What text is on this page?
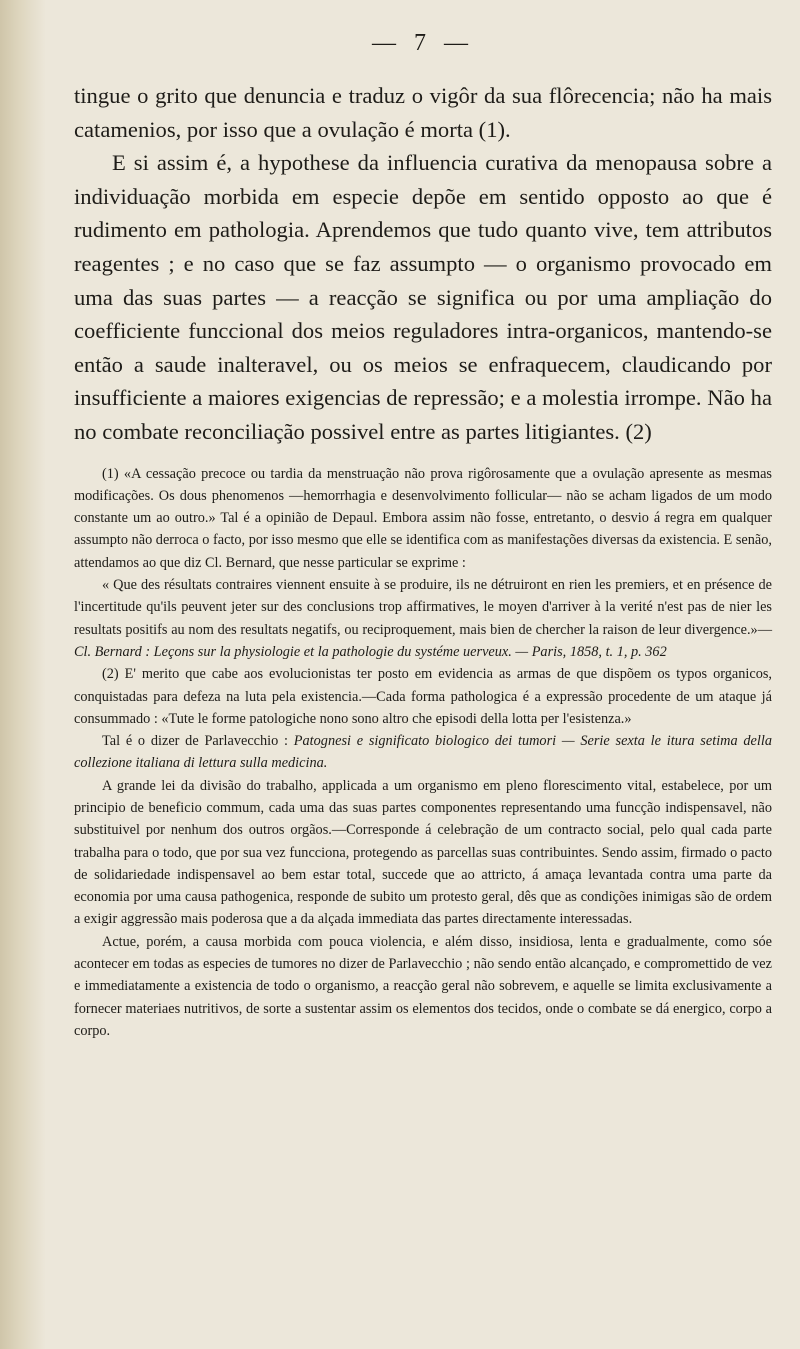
— 7 —

tingue o grito que denuncia e traduz o vigôr da sua flôrecencia; não ha mais catamenios, por isso que a ovulação é morta (1).

E si assim é, a hypothese da influencia curativa da menopausa sobre a individuação morbida em especie depõe em sentido opposto ao que é rudimento em pathologia. Aprendemos que tudo quanto vive, tem attributos reagentes ; e no caso que se faz assumpto — o organismo provocado em uma das suas partes — a reacção se significa ou por uma ampliação do coefficiente funccional dos meios reguladores intra-organicos, mantendo-se então a saude inalteravel, ou os meios se enfraquecem, claudicando por insufficiente a maiores exigencias de repressão; e a molestia irrompe. Não ha no combate reconciliação possivel entre as partes litigiantes. (2)

(1) «A cessação precoce ou tardia da menstruação não prova rigôrosamente que a ovulação apresente as mesmas modificações. Os dous phenomenos —hemorrhagia e desenvolvimento follicular— não se acham ligados de um modo constante um ao outro.» Tal é a opinião de Depaul. Embora assim não fosse, entretanto, o desvio á regra em qualquer assumpto não derroca o facto, por isso mesmo que elle se identifica com as manifestações diversas da existencia. E senão, attendamos ao que diz Cl. Bernard, que nesse particular se exprime :

« Que des résultats contraires viennent ensuite à se produire, ils ne détruiront en rien les premiers, et en présence de l'incertitude qu'ils peuvent jeter sur des conclusions trop affirmatives, le moyen d'arriver à la verité n'est pas de nier les resultats positifs au nom des resultats negatifs, ou reciproquement, mais bien de chercher la raison de leur divergence.»—Cl. Bernard : Leçons sur la physiologie et la pathologie du systéme uerveux. — Paris, 1858, t. 1, p. 362

(2) E' merito que cabe aos evolucionistas ter posto em evidencia as armas de que dispõem os typos organicos, conquistadas para defeza na luta pela existencia.—Cada forma pathologica é a expressão procedente de um ataque já consummado : «Tute le forme patologiche nono sono altro che episodi della lotta per l'esistenza.»

Tal é o dizer de Parlavecchio : Patognesi e significato biologico dei tumori — Serie sexta le itura setima della collezione italiana di lettura sulla medicina.

A grande lei da divisão do trabalho, applicada a um organismo em pleno florescimento vital, estabelece, por um principio de beneficio commum, cada uma das suas partes componentes representando uma funcção indispensavel, não substituivel por nenhum dos outros orgãos.—Corresponde á celebração de um contracto social, pelo qual cada parte trabalha para o todo, que por sua vez funcciona, protegendo as parcellas suas contribuintes. Sendo assim, firmado o pacto de solidariedade indispensavel ao bem estar total, succede que ao attricto, á amaça levantada contra uma parte da economia por uma causa pathogenica, responde de subito um protesto geral, dês que as condições inimigas são de ordem a exigir aggressão mais poderosa que a da alçada immediata das partes directamente interessadas.

Actue, porém, a causa morbida com pouca violencia, e além disso, insidiosa, lenta e gradualmente, como sóe acontecer em todas as especies de tumores no dizer de Parlavecchio ; não sendo então alcançado, e compromettido de vez e immediatamente a existencia de todo o organismo, a reacção geral não sobrevem, e aquelle se limita exclusivamente a fornecer materiaes nutritivos, de sorte a sustentar assim os elementos dos tecidos, onde o combate se dá energico, corpo a corpo.
